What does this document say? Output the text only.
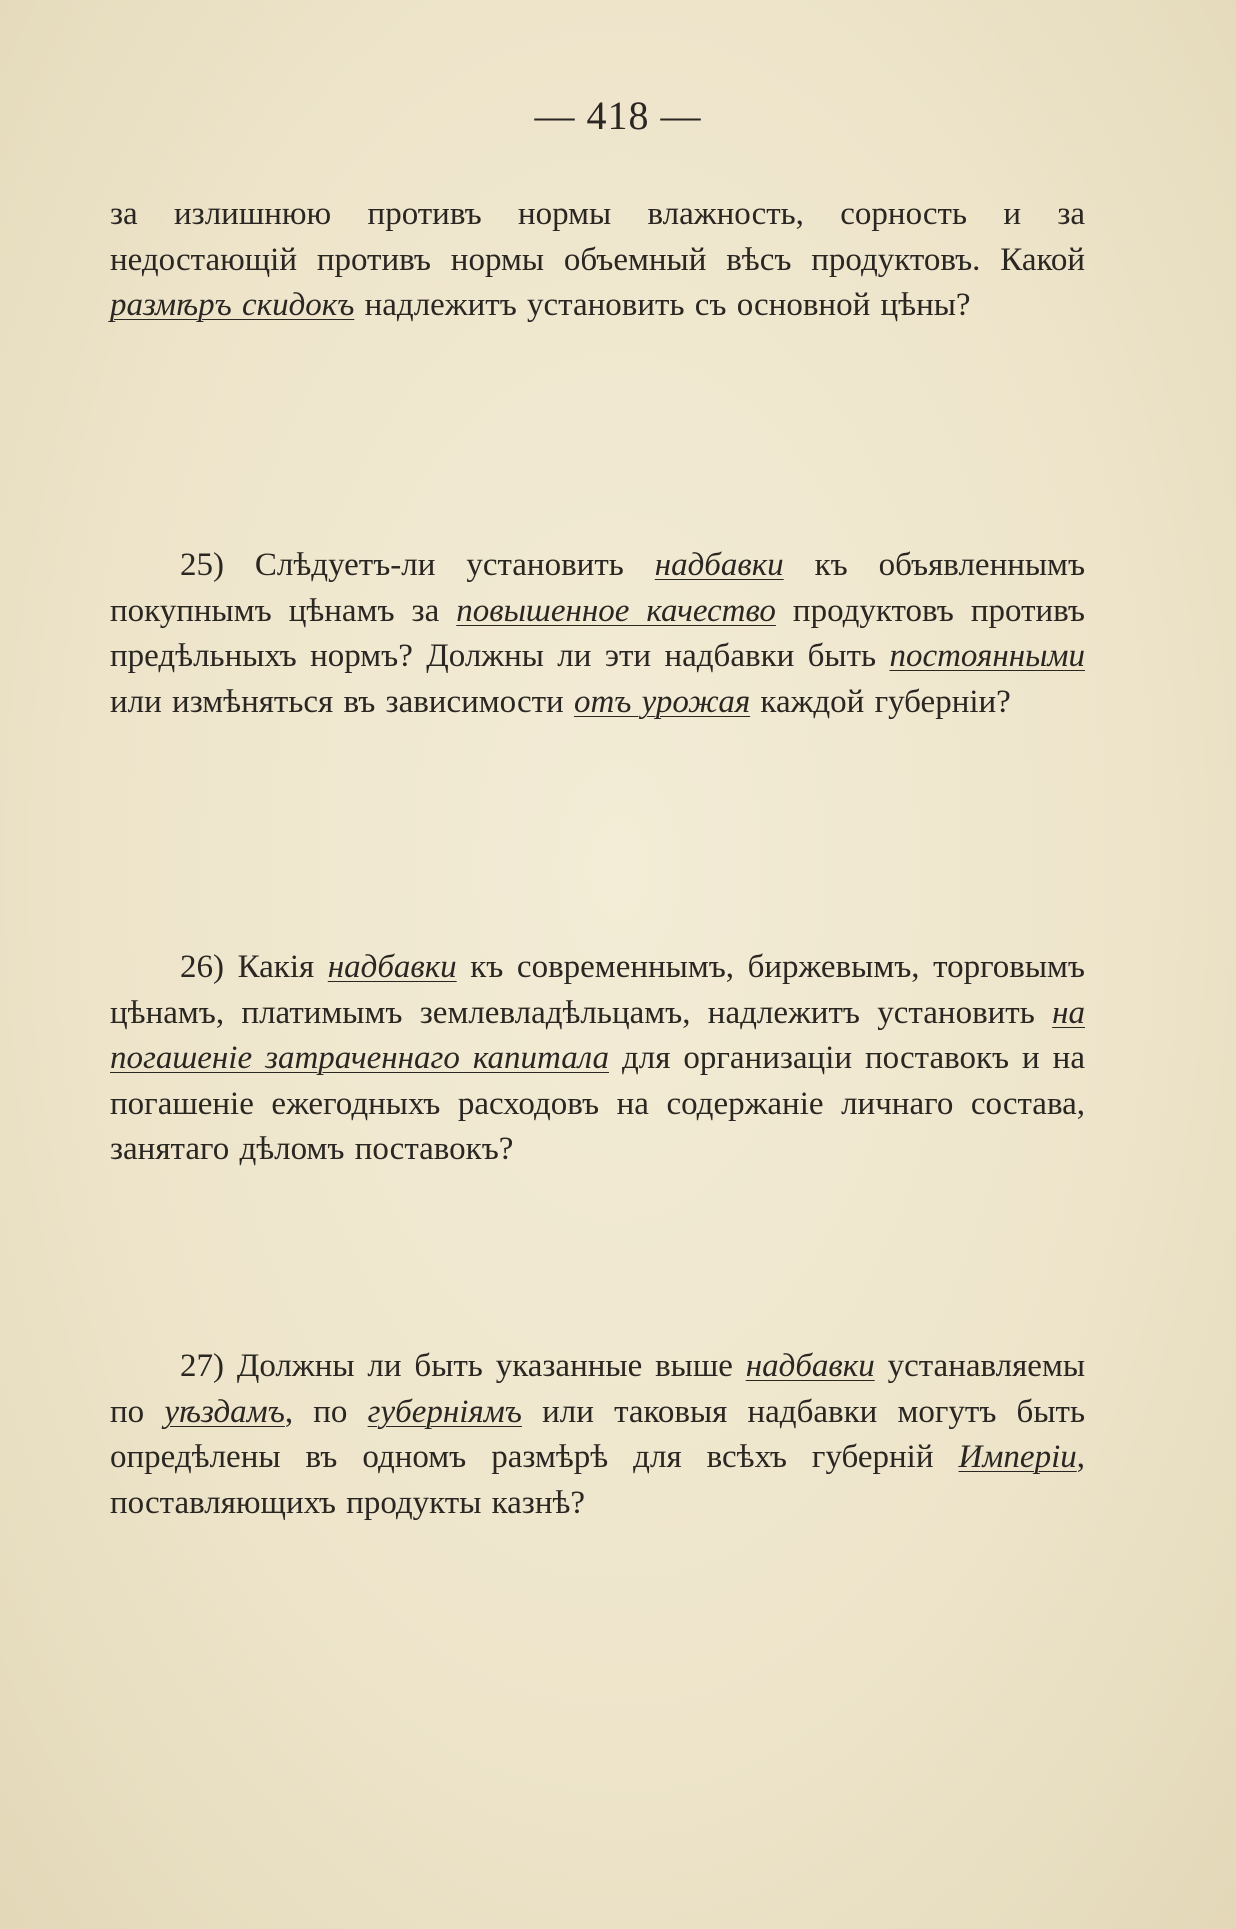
— 418 —
за излишнюю противъ нормы влажность, сорность и за недостающій противъ нормы объемный вѣсъ продуктовъ. Какой размѣръ скидокъ надлежитъ установить съ основной цѣны?
25) Слѣдуетъ-ли установить надбавки къ объявленнымъ покупнымъ цѣнамъ за повышенное качество продуктовъ противъ предѣльныхъ нормъ? Должны ли эти надбавки быть постоянными или измѣняться въ зависимости отъ урожая каждой губерніи?
26) Какія надбавки къ современнымъ, биржевымъ, торговымъ цѣнамъ, платимымъ землевладѣльцамъ, надлежитъ установить на погашеніе затраченнаго капитала для организаціи поставокъ и на погашеніе ежегодныхъ расходовъ на содержаніе личнаго состава, занятаго дѣломъ поставокъ?
27) Должны ли быть указанные выше надбавки устанавляемы по уѣздамъ, по губерніямъ или таковыя надбавки могутъ быть опредѣлены въ одномъ размѣрѣ для всѣхъ губерній Имперіи, поставляющихъ продукты казнѣ?
